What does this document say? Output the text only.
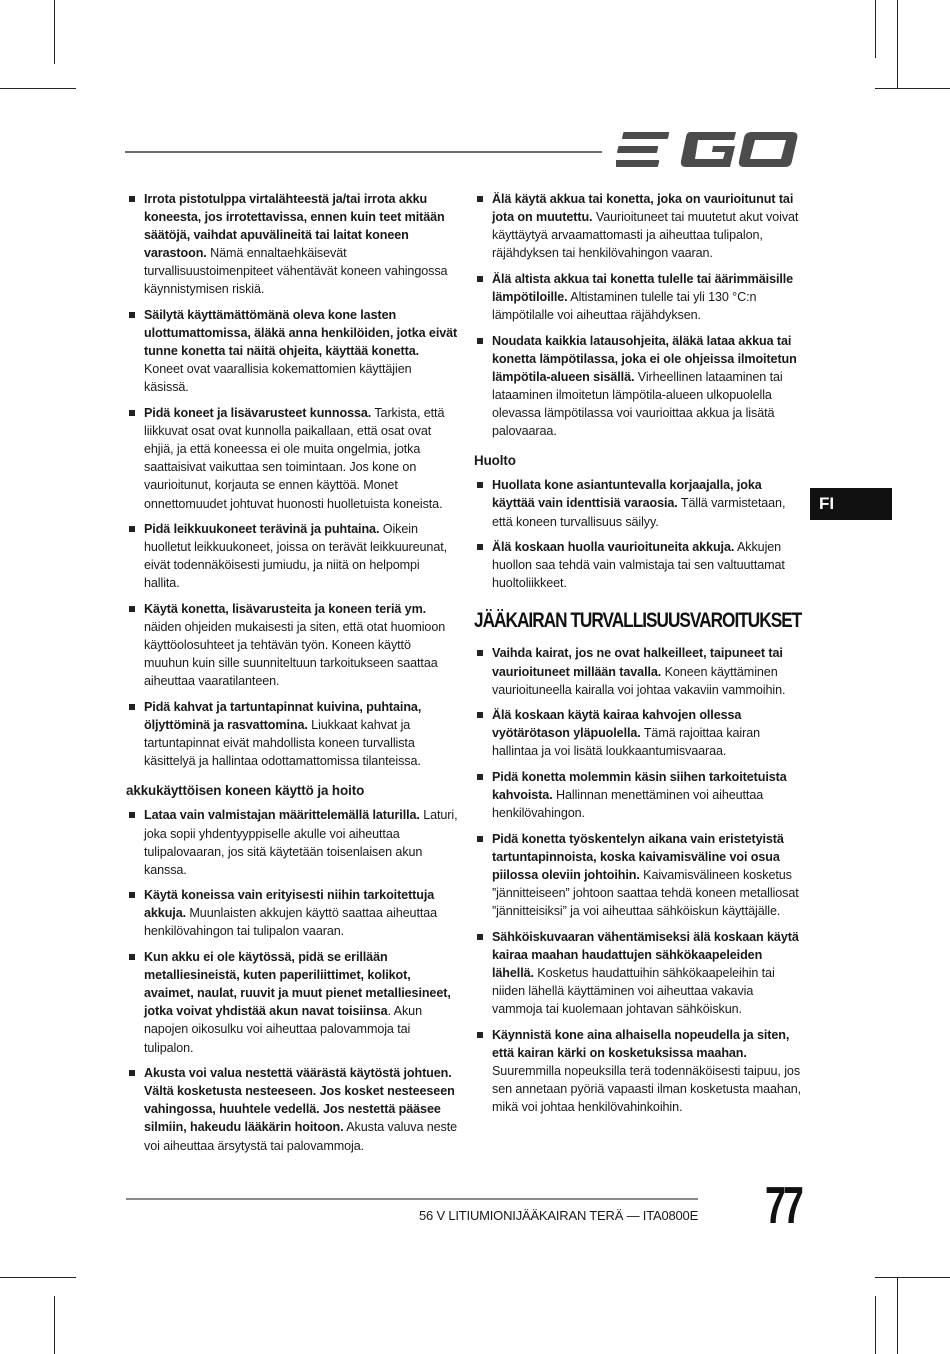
FI
Irrota pistotulppa virtalähteestä ja/tai irrota akku koneesta, jos irrotettavissa, ennen kuin teet mitään säätöjä, vaihdat apuvälineitä tai laitat koneen varastoon. Nämä ennaltaehkäisevät turvallisuustoimenpiteet vähentävät koneen vahingossa käynnistymisen riskiä.
Säilytä käyttämättömänä oleva kone lasten ulottumattomissa, äläkä anna henkilöiden, jotka eivät tunne konetta tai näitä ohjeita, käyttää konetta. Koneet ovat vaarallisia kokemattomien käyttäjien käsissä.
Pidä koneet ja lisävarusteet kunnossa. Tarkista, että liikkuvat osat ovat kunnolla paikallaan, että osat ovat ehjiä, ja että koneessa ei ole muita ongelmia, jotka saattaisivat vaikuttaa sen toimintaan. Jos kone on vaurioitunut, korjauta se ennen käyttöä. Monet onnettomuudet johtuvat huonosti huolletuista koneista.
Pidä leikkuukoneet terävinä ja puhtaina. Oikein huolletut leikkuukoneet, joissa on terävät leikkuureunat, eivät todennäköisesti jumiudu, ja niitä on helpompi hallita.
Käytä konetta, lisävarusteita ja koneen teriä ym. näiden ohjeiden mukaisesti ja siten, että otat huomioon käyttöolosuhteet ja tehtävän työn. Koneen käyttö muuhun kuin sille suunniteltuun tarkoitukseen saattaa aiheuttaa vaaratilanteen.
Pidä kahvat ja tartuntapinnat kuivina, puhtaina, öljyttöminä ja rasvattomina. Liukkaat kahvat ja tartuntapinnat eivät mahdollista koneen turvallista käsittelyä ja hallintaa odottamattomissa tilanteissa.
akkukäyttöisen koneen käyttö ja hoito
Lataa vain valmistajan määrittelemällä laturilla. Laturi, joka sopii yhdentyyppiselle akulle voi aiheuttaa tulipalovaaran, jos sitä käytetään toisenlaisen akun kanssa.
Käytä koneissa vain erityisesti niihin tarkoitettuja akkuja. Muunlaisten akkujen käyttö saattaa aiheuttaa henkilövahingon tai tulipalon vaaran.
Kun akku ei ole käytössä, pidä se erillään metalliesineistä, kuten paperiliittimet, kolikot, avaimet, naulat, ruuvit ja muut pienet metalliesineet, jotka voivat yhdistää akun navat toisiinsa. Akun napojen oikosulku voi aiheuttaa palovammoja tai tulipalon.
Akusta voi valua nestettä väärästä käytöstä johtuen. Vältä kosketusta nesteeseen. Jos kosket nesteeseen vahingossa, huuhtele vedellä. Jos nestettä pääsee silmiin, hakeudu lääkärin hoitoon. Akusta valuva neste voi aiheuttaa ärsytystä tai palovammoja.
Älä käytä akkua tai konetta, joka on vaurioitunut tai jota on muutettu. Vaurioituneet tai muutetut akut voivat käyttäytyä arvaamattomasti ja aiheuttaa tulipalon, räjähdyksen tai henkilövahingon vaaran.
Älä altista akkua tai konetta tulelle tai äärimmäisille lämpötiloille. Altistaminen tulelle tai yli 130 °C:n lämpötilalle voi aiheuttaa räjähdyksen.
Noudata kaikkia latausohjeita, äläkä lataa akkua tai konetta lämpötilassa, joka ei ole ohjeissa ilmoitetun lämpötila-alueen sisällä. Virheellinen lataaminen tai lataaminen ilmoitetun lämpötila-alueen ulkopuolella olevassa lämpötilassa voi vaurioittaa akkua ja lisätä palovaaraa.
Huolto
Huollata kone asiantuntevalla korjaajalla, joka käyttää vain identtisiä varaosia. Tällä varmistetaan, että koneen turvallisuus säilyy.
Älä koskaan huolla vaurioituneita akkuja. Akkujen huollon saa tehdä vain valmistaja tai sen valtuuttamat huoltoliikkeet.
JÄÄKAIRAN TURVALLISUUSVAROITUKSET
Vaihda kairat, jos ne ovat halkeilleet, taipuneet tai vaurioituneet millään tavalla. Koneen käyttäminen vaurioituneella kairalla voi johtaa vakaviin vammoihin.
Älä koskaan käytä kairaa kahvojen ollessa vyötärötason yläpuolella. Tämä rajoittaa kairan hallintaa ja voi lisätä loukkaantumisvaaraa.
Pidä konetta molemmin käsin siihen tarkoitetuista kahvoista. Hallinnan menettäminen voi aiheuttaa henkilövahingon.
Pidä konetta työskentelyn aikana vain eristetyistä tartuntapinnoista, koska kaivamisväline voi osua piilossa oleviin johtoihin. Kaivamisvälineen kosketus ”jännitteiseen” johtoon saattaa tehdä koneen metalliosat ”jännitteisiksi” ja voi aiheuttaa sähköiskun käyttäjälle.
Sähköiskuvaaran vähentämiseksi älä koskaan käytä kairaa maahan haudattujen sähkökaapeleiden lähellä. Kosketus haudattuihin sähkökaapeleihin tai niiden lähellä käyttäminen voi aiheuttaa vakavia vammoja tai kuolemaan johtavan sähköiskun.
Käynnistä kone aina alhaisella nopeudella ja siten, että kairan kärki on kosketuksissa maahan. Suuremmilla nopeuksilla terä todennäköisesti taipuu, jos sen annetaan pyöriä vapaasti ilman kosketusta maahan, mikä voi johtaa henkilövahinkoihin.
56 V LITIUMIONIJÄÄKAIRAN TERÄ — ITA0800E 77
